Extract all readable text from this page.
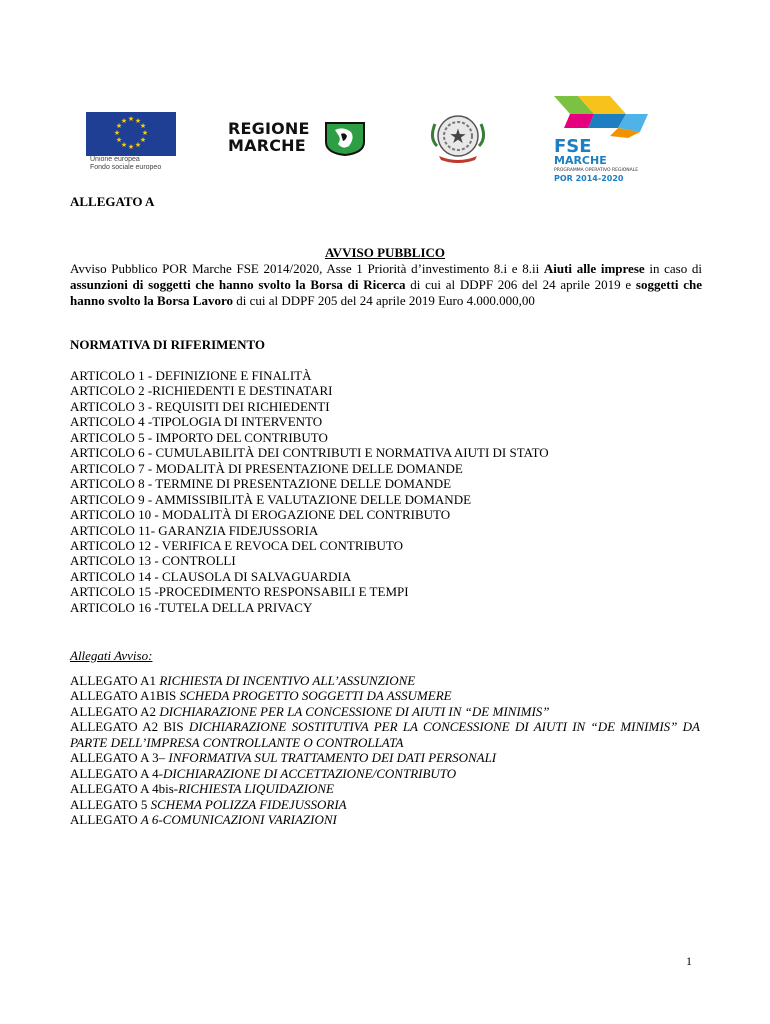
★ ★
★
★
★
★
★
★
★
★
★
★
Unione europea
Fondo sociale europeo
REGIONE
MARCHE	★	FSE
MARCHE
PROGRAMMA OPERATIVO REGIONALE
POR 2014-2020
ALLEGATO A
AVVISO PUBBLICO
Avviso Pubblico POR Marche FSE 2014/2020, Asse 1 Priorità d’investimento 8.i e 8.ii Aiuti alle imprese in caso di assunzioni di soggetti che hanno svolto la Borsa di Ricerca di cui al DDPF 206 del 24 aprile 2019 e soggetti che hanno svolto la Borsa Lavoro di cui al DDPF 205 del 24 aprile 2019 Euro 4.000.000,00
NORMATIVA DI RIFERIMENTO
ARTICOLO 1 - DEFINIZIONE E FINALITÀ
ARTICOLO 2 -RICHIEDENTI E DESTINATARI
ARTICOLO 3 - REQUISITI DEI RICHIEDENTI
ARTICOLO 4 -TIPOLOGIA DI INTERVENTO
ARTICOLO 5 - IMPORTO DEL CONTRIBUTO
ARTICOLO 6 - CUMULABILITÀ DEI CONTRIBUTI E NORMATIVA AIUTI DI STATO
ARTICOLO 7 - MODALITÀ DI PRESENTAZIONE DELLE DOMANDE
ARTICOLO 8 - TERMINE DI PRESENTAZIONE DELLE DOMANDE
ARTICOLO 9 - AMMISSIBILITÀ E VALUTAZIONE DELLE DOMANDE
ARTICOLO 10 - MODALITÀ DI EROGAZIONE DEL CONTRIBUTO
ARTICOLO 11- GARANZIA FIDEJUSSORIA
ARTICOLO 12 - VERIFICA E REVOCA DEL CONTRIBUTO
ARTICOLO 13 - CONTROLLI
ARTICOLO 14 - CLAUSOLA DI SALVAGUARDIA
ARTICOLO 15 -PROCEDIMENTO RESPONSABILI E TEMPI
ARTICOLO 16 -TUTELA DELLA PRIVACY
Allegati Avviso:
ALLEGATO A1 RICHIESTA DI INCENTIVO ALL’ASSUNZIONE
ALLEGATO A1BIS SCHEDA PROGETTO SOGGETTI DA ASSUMERE
ALLEGATO A2 DICHIARAZIONE PER LA CONCESSIONE DI AIUTI IN “DE MINIMIS”
ALLEGATO A2 BIS DICHIARAZIONE SOSTITUTIVA PER LA CONCESSIONE DI AIUTI IN “DE MINIMIS” DA PARTE DELL’IMPRESA CONTROLLANTE O CONTROLLATA
ALLEGATO A 3– INFORMATIVA SUL TRATTAMENTO DEI DATI PERSONALI
ALLEGATO A 4-DICHIARAZIONE DI ACCETTAZIONE/CONTRIBUTO
ALLEGATO A 4bis-RICHIESTA LIQUIDAZIONE
ALLEGATO 5 SCHEMA POLIZZA FIDEJUSSORIA
ALLEGATO A 6-COMUNICAZIONI VARIAZIONI
1
